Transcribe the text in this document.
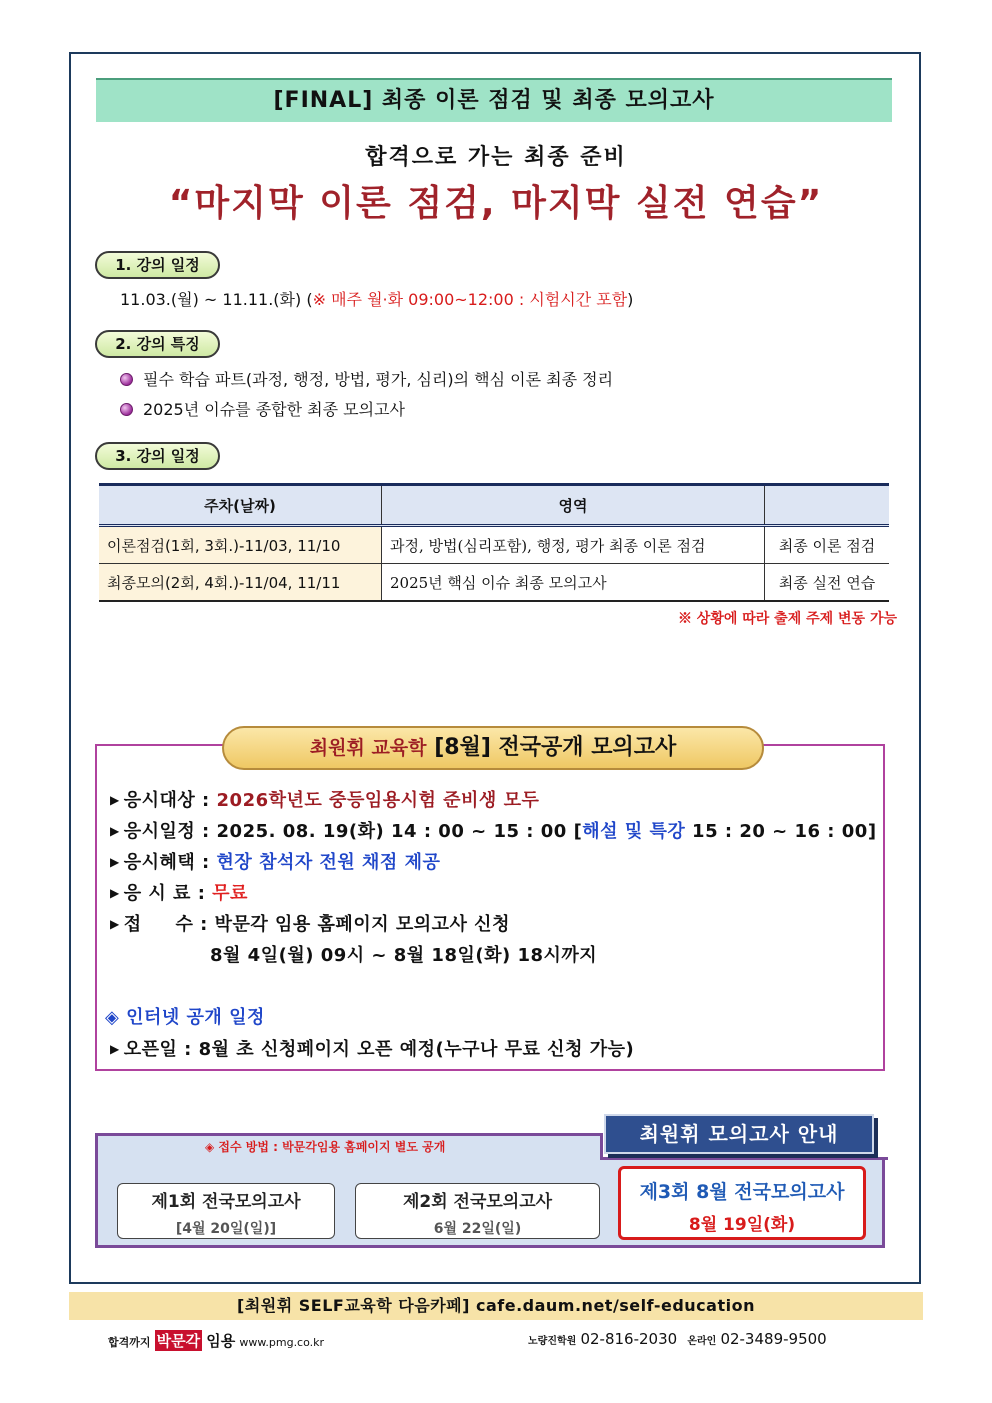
[FINAL] 최종 이론 점검 및 최종 모의고사
합격으로 가는 최종 준비
“마지막 이론 점검, 마지막 실전 연습”
1. 강의 일정
11.03.(월) ~ 11.11.(화) (※ 매주 월·화 09:00~12:00 : 시험시간 포함)
2. 강의 특징
필수 학습 파트(과정, 행정, 방법, 평가, 심리)의 핵심 이론 최종 정리
2025년 이슈를 종합한 최종 모의고사
3. 강의 일정
주차(날짜)	영역	
이론점검(1회, 3회.)-11/03, 11/10	과정, 방법(심리포함), 행정, 평가 최종 이론 점검	최종 이론 점검
최종모의(2회, 4회.)-11/04, 11/11	2025년 핵심 이슈 최종 모의고사	최종 실전 연습
※ 상황에 따라 출제 주제 변동 가능
최원휘 교육학 [8월] 전국공개 모의고사
▶ 응시대상 : 2026학년도 중등임용시험 준비생 모두
▶ 응시일정 : 2025. 08. 19(화) 14 : 00 ~ 15 : 00 [해설 및 특강 15 : 20 ~ 16 : 00]
▶ 응시혜택 : 현장 참석자 전원 채점 제공
▶ 응 시 료 : 무료
▶ 접     수 : 박문각 임용 홈페이지 모의고사 신청
8월 4일(월) 09시 ~ 8월 18일(화) 18시까지
◈ 인터넷 공개 일정
▶ 오픈일 : 8월 초 신청페이지 오픈 예정(누구나 무료 신청 가능)
최원휘 모의고사 안내
◈ 접수 방법 : 박문각임용 홈페이지 별도 공개
제1회 전국모의고사
[4월 20일(일)]
제2회 전국모의고사
6월 22일(일)
제3회 8월 전국모의고사
8월 19일(화)
[최원휘 SELF교육학 다음카페] cafe.daum.net/self-education
합격까지 박문각 임용 www.pmg.co.kr	노량진학원 02-816-2030 온라인 02-3489-9500
